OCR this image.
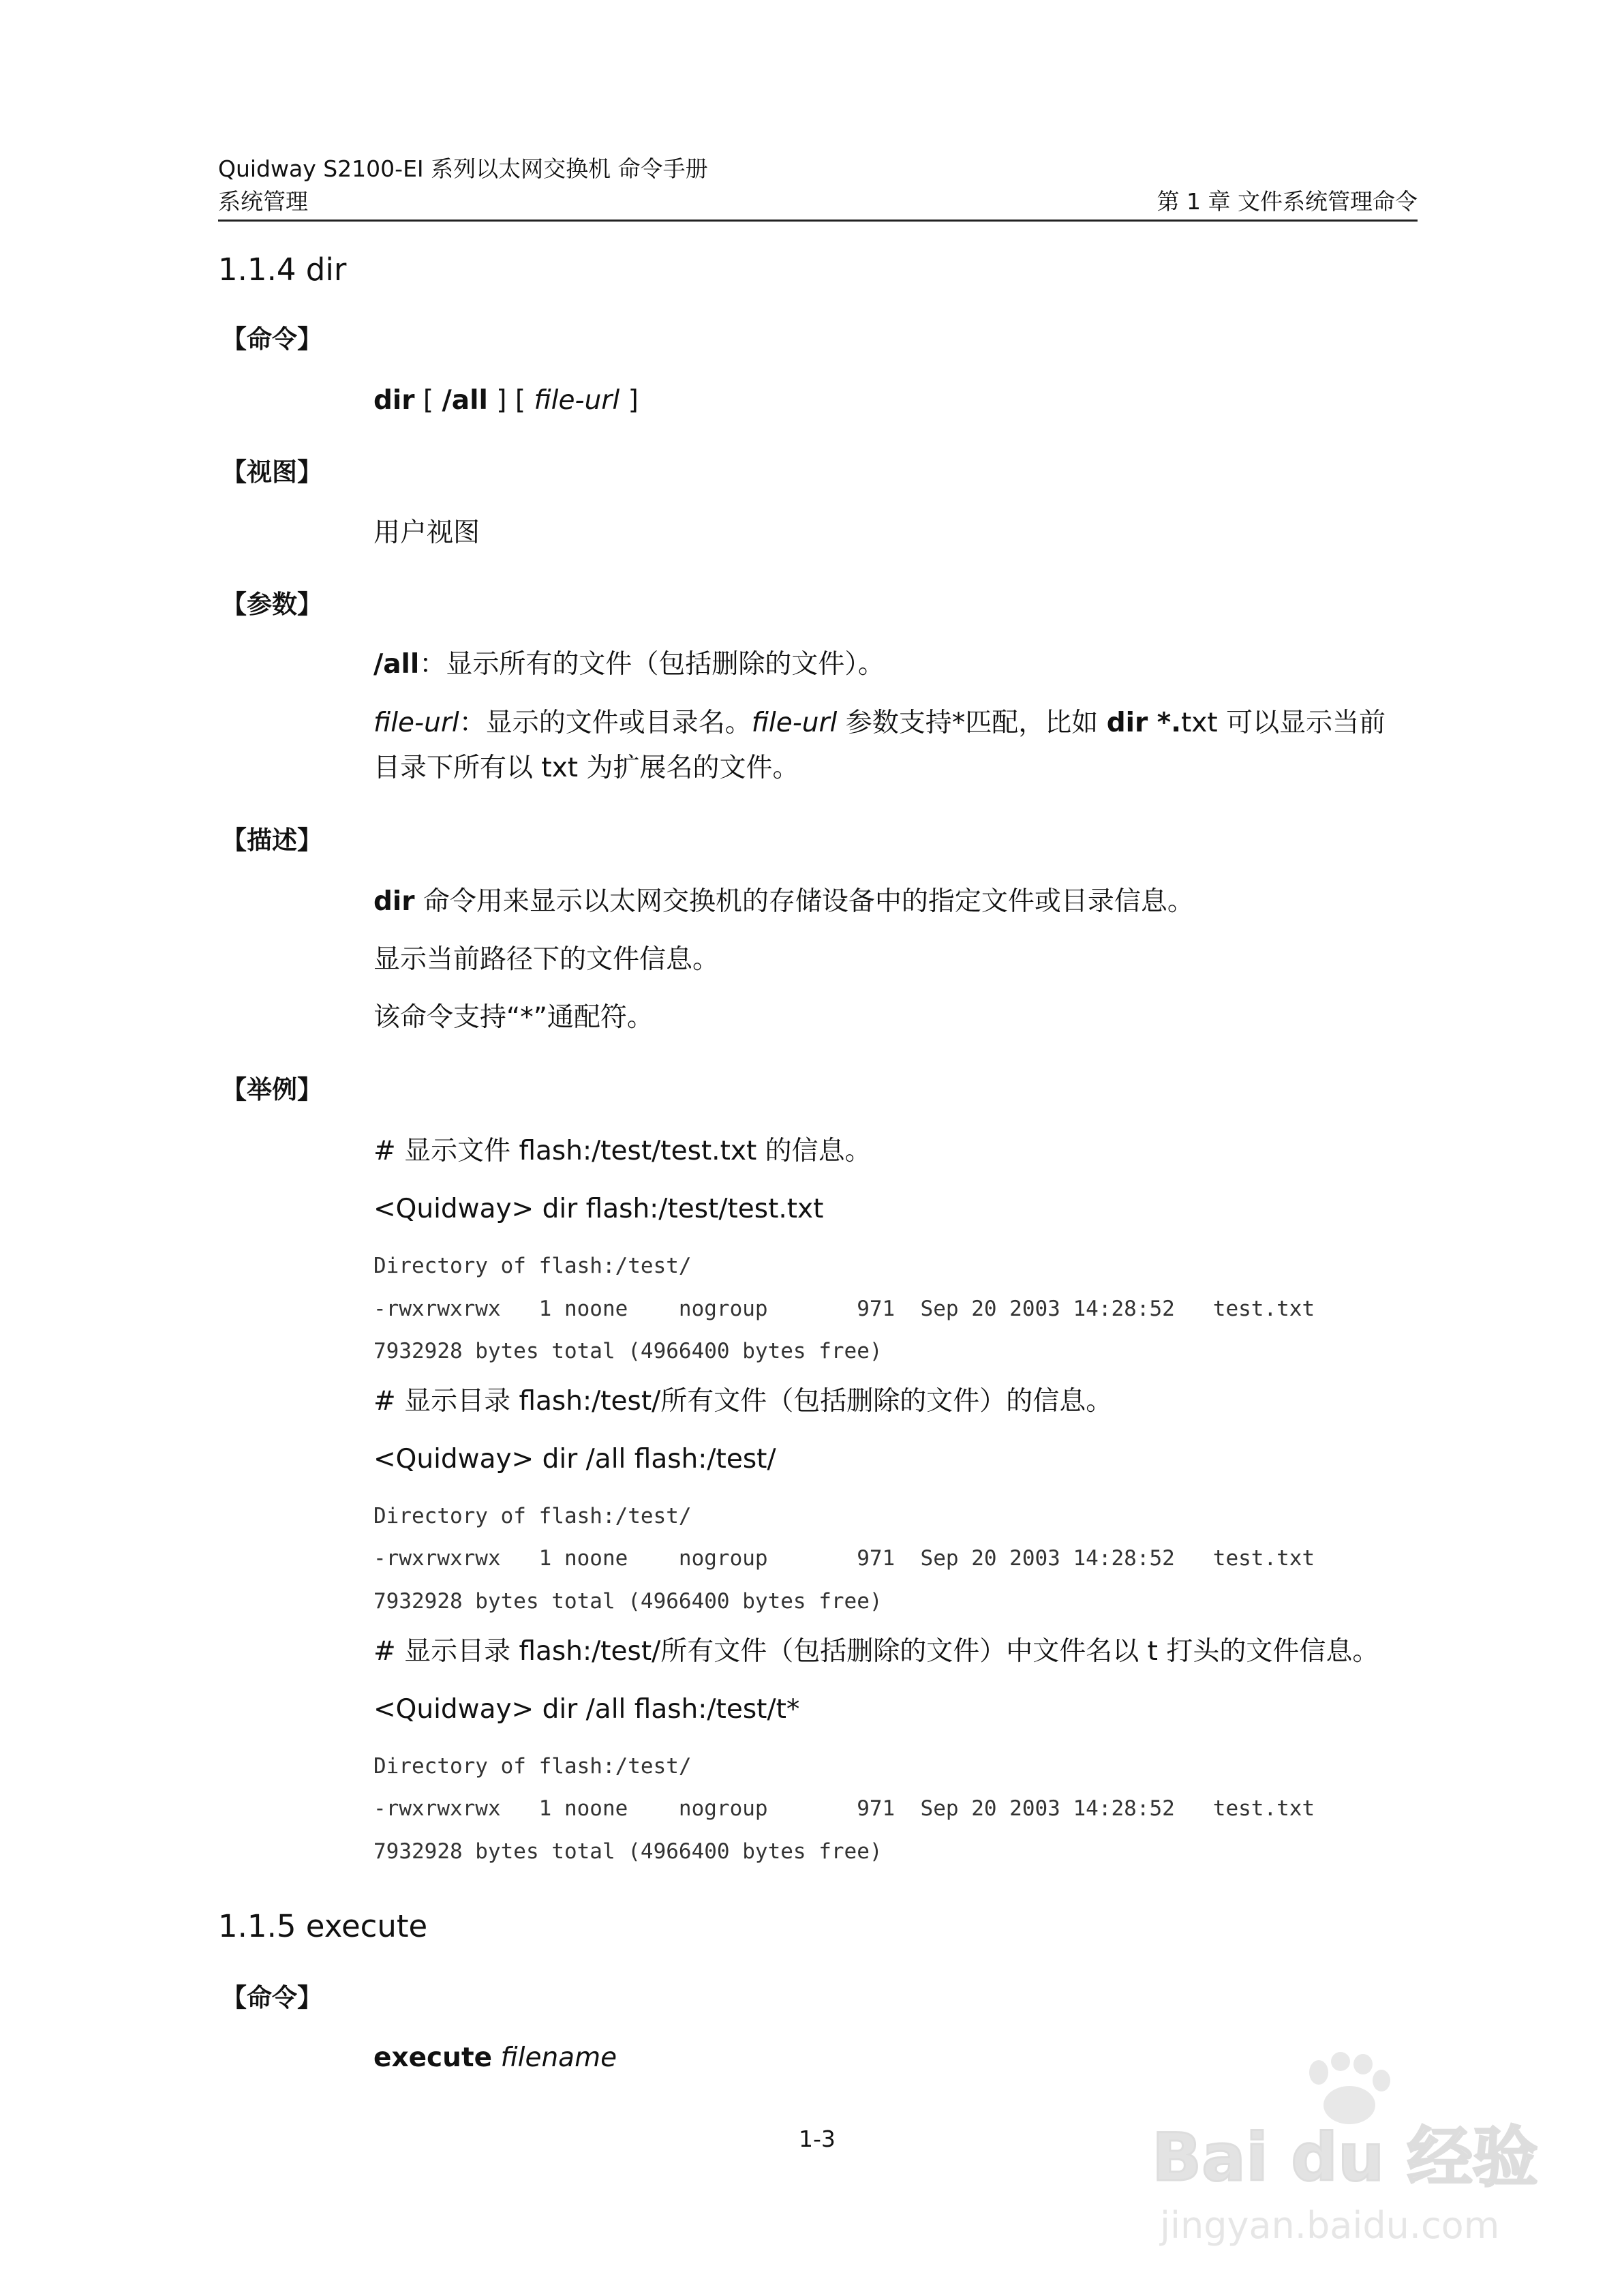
Quidway S2100-EI 系列以太网交换机 命令手册
系统管理	第 1 章 文件系统管理命令
1.1.4 dir
【命令】
dir [ /all ] [ file-url ]
【视图】
用户视图
【参数】
/all：显示所有的文件（包括删除的文件）。
file-url：显示的文件或目录名。file-url 参数支持*匹配，比如 dir *.txt 可以显示当前
目录下所有以 txt 为扩展名的文件。
【描述】
dir 命令用来显示以太网交换机的存储设备中的指定文件或目录信息。
显示当前路径下的文件信息。
该命令支持“*”通配符。
【举例】
# 显示文件 flash:/test/test.txt 的信息。
<Quidway> dir flash:/test/test.txt
Directory of flash:/test/
-rwxrwxrwx   1 noone    nogroup       971  Sep 20 2003 14:28:52   test.txt
7932928 bytes total (4966400 bytes free)
# 显示目录 flash:/test/所有文件（包括删除的文件）的信息。
<Quidway> dir /all flash:/test/
Directory of flash:/test/
-rwxrwxrwx   1 noone    nogroup       971  Sep 20 2003 14:28:52   test.txt
7932928 bytes total (4966400 bytes free)
# 显示目录 flash:/test/所有文件（包括删除的文件）中文件名以 t 打头的文件信息。
<Quidway> dir /all flash:/test/t*
Directory of flash:/test/
-rwxrwxrwx   1 noone    nogroup       971  Sep 20 2003 14:28:52   test.txt
7932928 bytes total (4966400 bytes free)
1.1.5 execute
【命令】
execute filename
1-3	Bai du 经验
jingyan.baidu.com
